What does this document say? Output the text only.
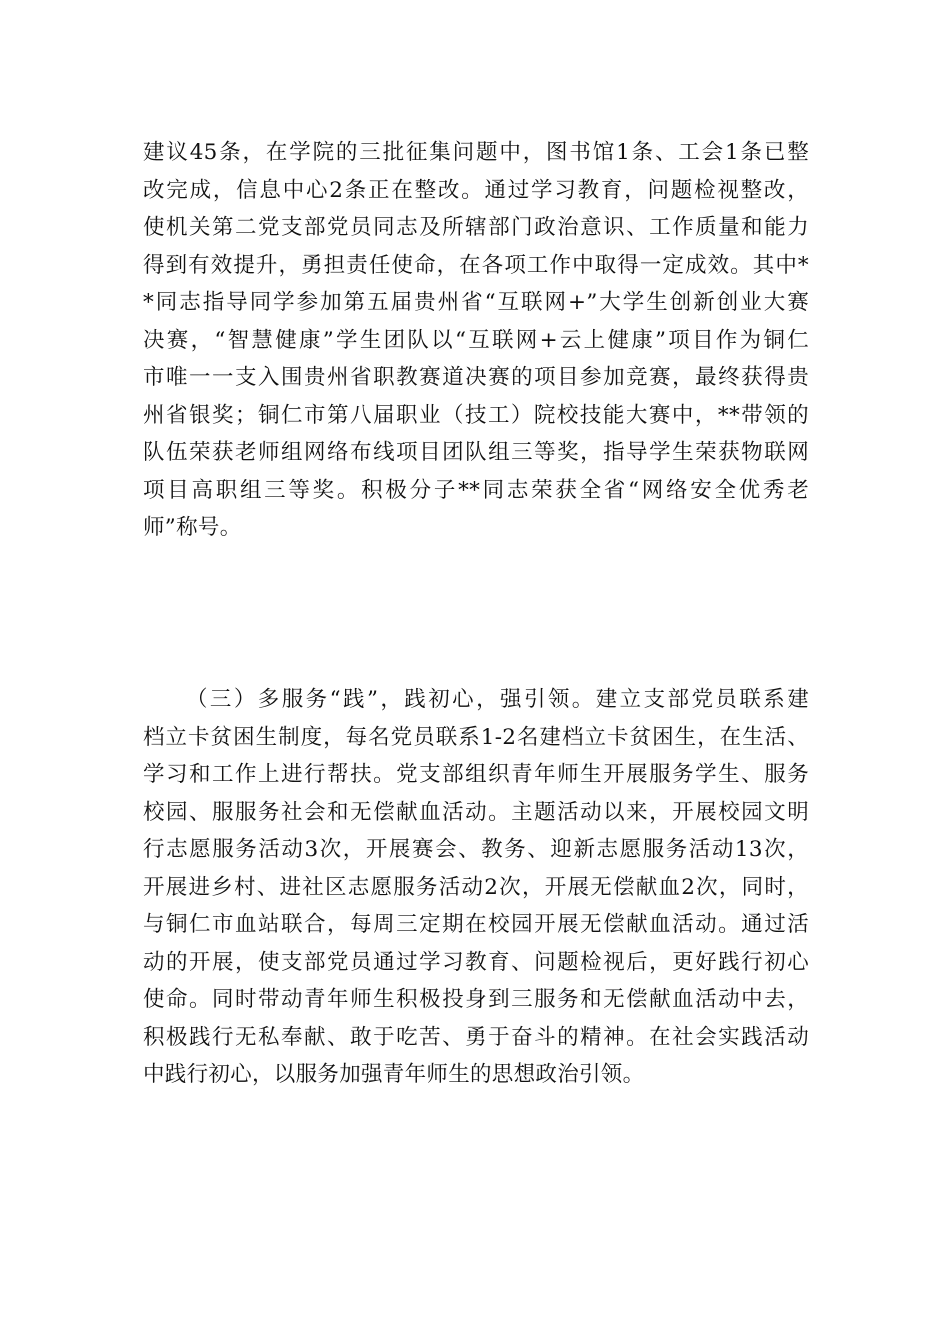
建议45条，在学院的三批征集问题中，图书馆1条、工会1条已整
改完成，信息中心2条正在整改。通过学习教育，问题检视整改，
使机关第二党支部党员同志及所辖部门政治意识、工作质量和能力
得到有效提升，勇担责任使命，在各项工作中取得一定成效。其中*
*同志指导同学参加第五届贵州省“互联网+”大学生创新创业大赛
决赛，“智慧健康”学生团队以“互联网+云上健康”项目作为铜仁
市唯一一支入围贵州省职教赛道决赛的项目参加竞赛，最终获得贵
州省银奖；铜仁市第八届职业（技工）院校技能大赛中，**带领的
队伍荣获老师组网络布线项目团队组三等奖，指导学生荣获物联网
项目高职组三等奖。积极分子**同志荣获全省“网络安全优秀老
师”称号。
（三）多服务“践”，践初心，强引领。建立支部党员联系建
档立卡贫困生制度，每名党员联系1-2名建档立卡贫困生，在生活、
学习和工作上进行帮扶。党支部组织青年师生开展服务学生、服务
校园、服服务社会和无偿献血活动。主题活动以来，开展校园文明
行志愿服务活动3次，开展赛会、教务、迎新志愿服务活动13次，
开展进乡村、进社区志愿服务活动2次，开展无偿献血2次，同时，
与铜仁市血站联合，每周三定期在校园开展无偿献血活动。通过活
动的开展，使支部党员通过学习教育、问题检视后，更好践行初心
使命。同时带动青年师生积极投身到三服务和无偿献血活动中去，
积极践行无私奉献、敢于吃苦、勇于奋斗的精神。在社会实践活动
中践行初心，以服务加强青年师生的思想政治引领。
